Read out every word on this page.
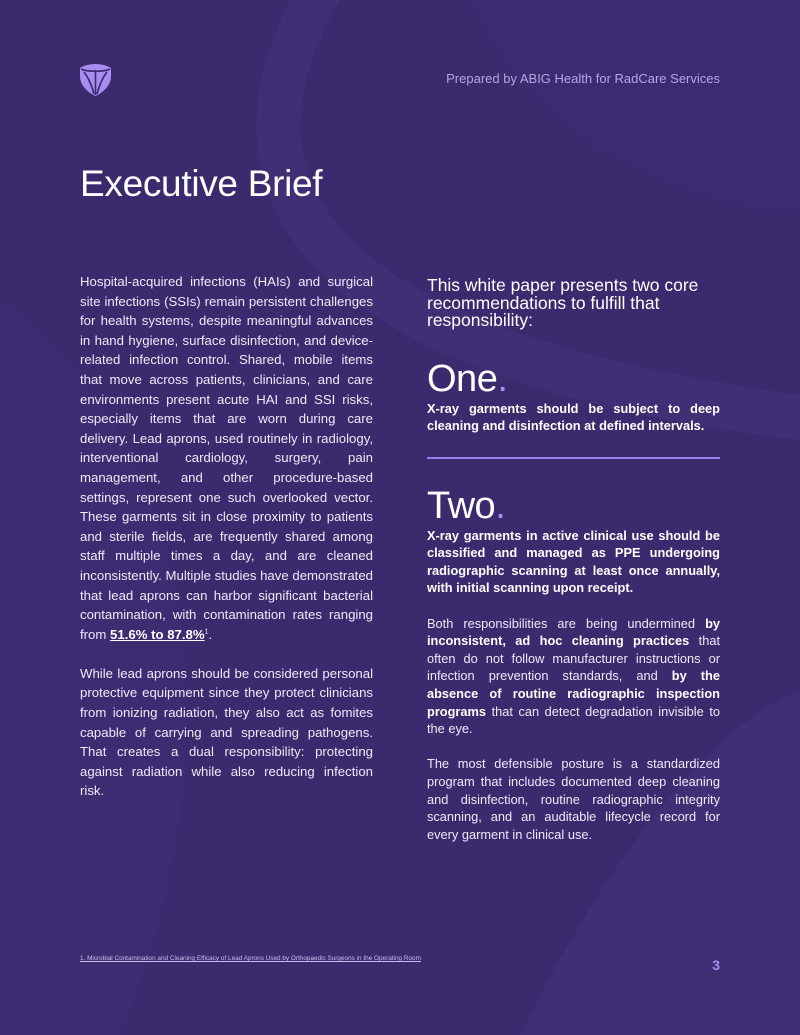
Prepared by ABIG Health for RadCare Services
Executive Brief

Hospital-acquired infections (HAIs) and surgical site infections (SSIs) remain persistent challenges for health systems, despite meaningful advances in hand hygiene, surface disinfection, and device-related infection control. Shared, mobile items that move across patients, clinicians, and care environments present acute HAI and SSI risks, especially items that are worn during care delivery. Lead aprons, used routinely in radiology, interventional cardiology, surgery, pain management, and other procedure-based settings, represent one such overlooked vector. These garments sit in close proximity to patients and sterile fields, are frequently shared among staff multiple times a day, and are cleaned inconsistently. Multiple studies have demonstrated that lead aprons can harbor significant bacterial contamination, with contamination rates ranging from 51.6% to 87.8%$^1$.

While lead aprons should be considered personal protective equipment since they protect clinicians from ionizing radiation, they also act as fomites capable of carrying and spreading pathogens. That creates a dual responsibility: protecting against radiation while also reducing infection risk.

This white paper presents two core recommendations to fulfill that responsibility:

One.
X-ray garments should be subject to deep cleaning and disinfection at defined intervals.
Two.
X-ray garments in active clinical use should be classified and managed as PPE undergoing radiographic scanning at least once annually, with initial scanning upon receipt.

Both responsibilities are being undermined by inconsistent, ad hoc cleaning practices that often do not follow manufacturer instructions or infection prevention standards, and by the absence of routine radiographic inspection programs that can detect degradation invisible to the eye.

The most defensible posture is a standardized program that includes documented deep cleaning and disinfection, routine radiographic integrity scanning, and an auditable lifecycle record for every garment in clinical use.

1. Microbial Contamination and Cleaning Efficacy of Lead Aprons Used by Orthopaedic Surgeons in the Operating Room	3
